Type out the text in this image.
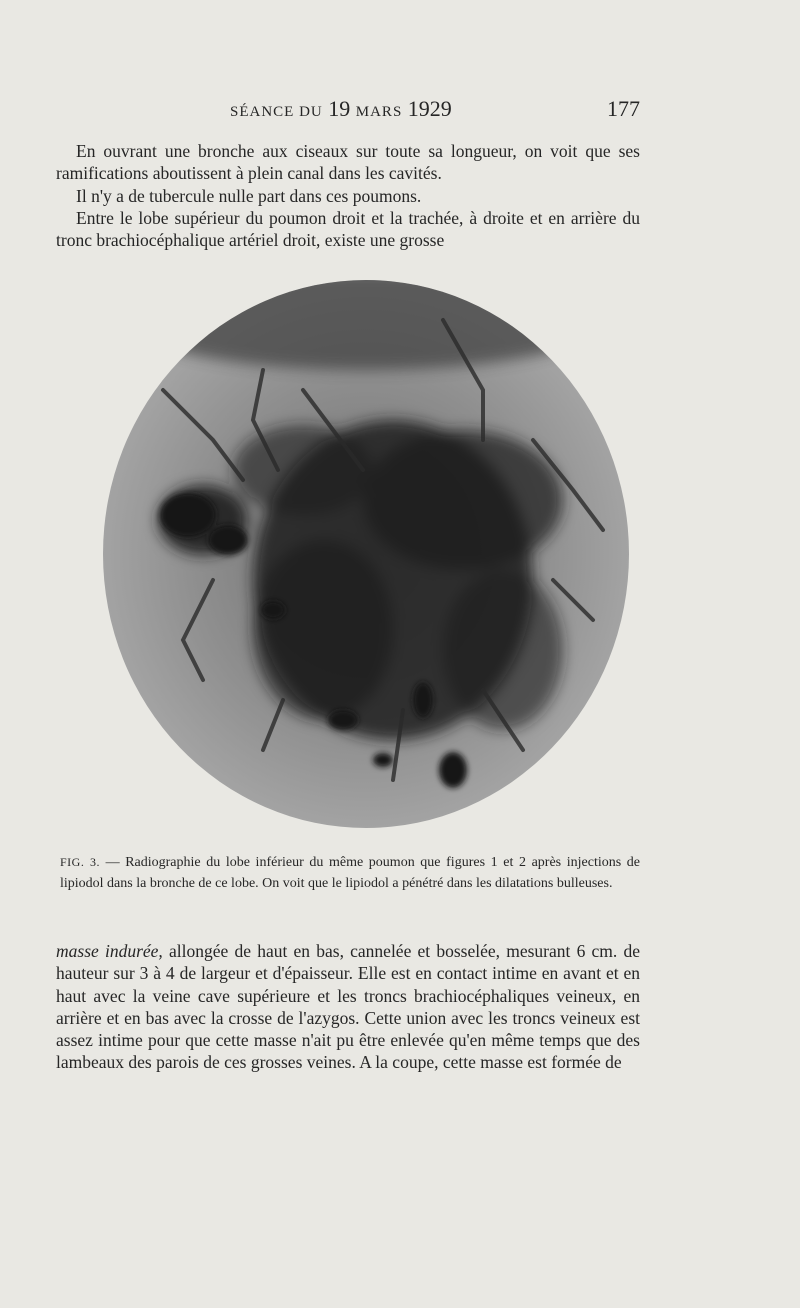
SÉANCE DU 19 MARS 1929	177
En ouvrant une bronche aux ciseaux sur toute sa longueur, on voit que ses ramifications aboutissent à plein canal dans les cavités.
Il n'y a de tubercule nulle part dans ces poumons.
Entre le lobe supérieur du poumon droit et la trachée, à droite et en arrière du tronc brachiocéphalique artériel droit, existe une grosse
FIG. 3. — Radiographie du lobe inférieur du même poumon que figures 1 et 2 après injections de lipiodol dans la bronche de ce lobe. On voit que le lipiodol a pénétré dans les dilatations bulleuses.
masse indurée, allongée de haut en bas, cannelée et bosselée, mesurant 6 cm. de hauteur sur 3 à 4 de largeur et d'épaisseur. Elle est en contact intime en avant et en haut avec la veine cave supérieure et les troncs brachiocéphaliques veineux, en arrière et en bas avec la crosse de l'azygos. Cette union avec les troncs veineux est assez intime pour que cette masse n'ait pu être enlevée qu'en même temps que des lambeaux des parois de ces grosses veines. A la coupe, cette masse est formée de
